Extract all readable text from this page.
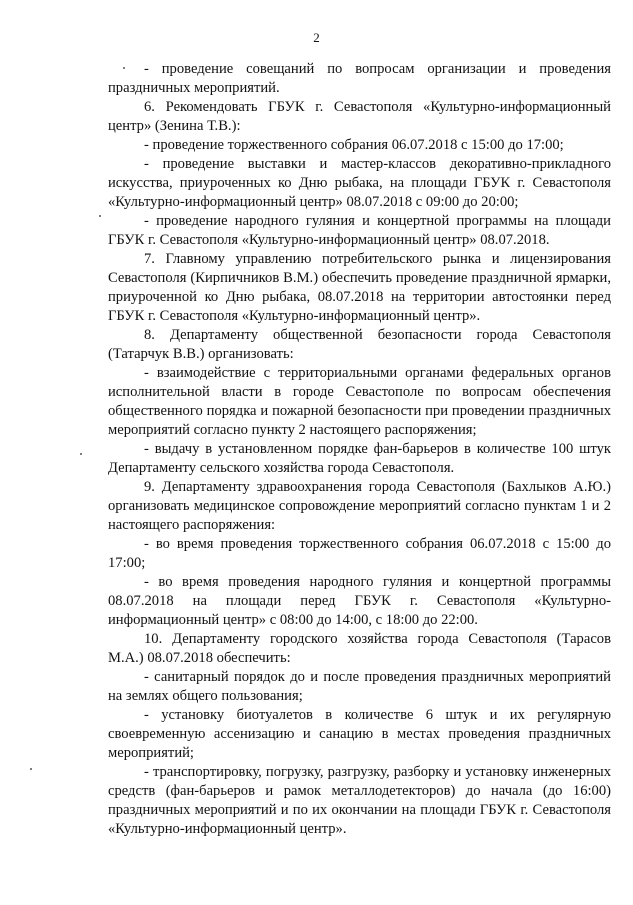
2

- проведение совещаний по вопросам организации и проведения праздничных мероприятий.

6. Рекомендовать ГБУК г. Севастополя «Культурно-информационный центр» (Зенина Т.В.):

- проведение торжественного собрания 06.07.2018 с 15:00 до 17:00;

- проведение выставки и мастер-классов декоративно-прикладного искусства, приуроченных ко Дню рыбака, на площади ГБУК г. Севастополя «Культурно-информационный центр» 08.07.2018 с 09:00 до 20:00;

- проведение народного гуляния и концертной программы на площади ГБУК г. Севастополя «Культурно-информационный центр» 08.07.2018.

7. Главному управлению потребительского рынка и лицензирования Севастополя (Кирпичников В.М.) обеспечить проведение праздничной ярмарки, приуроченной ко Дню рыбака, 08.07.2018 на территории автостоянки перед ГБУК г. Севастополя «Культурно-информационный центр».

8. Департаменту общественной безопасности города Севастополя (Татарчук В.В.) организовать:

- взаимодействие с территориальными органами федеральных органов исполнительной власти в городе Севастополе по вопросам обеспечения общественного порядка и пожарной безопасности при проведении праздничных мероприятий согласно пункту 2 настоящего распоряжения;

- выдачу в установленном порядке фан-барьеров в количестве 100 штук Департаменту сельского хозяйства города Севастополя.

9. Департаменту здравоохранения города Севастополя (Бахлыков А.Ю.) организовать медицинское сопровождение мероприятий согласно пунктам 1 и 2 настоящего распоряжения:

- во время проведения торжественного собрания 06.07.2018 с 15:00 до 17:00;

- во время проведения народного гуляния и концертной программы 08.07.2018 на площади перед ГБУК г. Севастополя «Культурно-информационный центр» с 08:00 до 14:00, с 18:00 до 22:00.

10. Департаменту городского хозяйства города Севастополя (Тарасов М.А.) 08.07.2018 обеспечить:

- санитарный порядок до и после проведения праздничных мероприятий на землях общего пользования;

- установку биотуалетов в количестве 6 штук и их регулярную своевременную ассенизацию и санацию в местах проведения праздничных мероприятий;

- транспортировку, погрузку, разгрузку, разборку и установку инженерных средств (фан-барьеров и рамок металлодетекторов) до начала (до 16:00) праздничных мероприятий и по их окончании на площади ГБУК г. Севастополя «Культурно-информационный центр».
